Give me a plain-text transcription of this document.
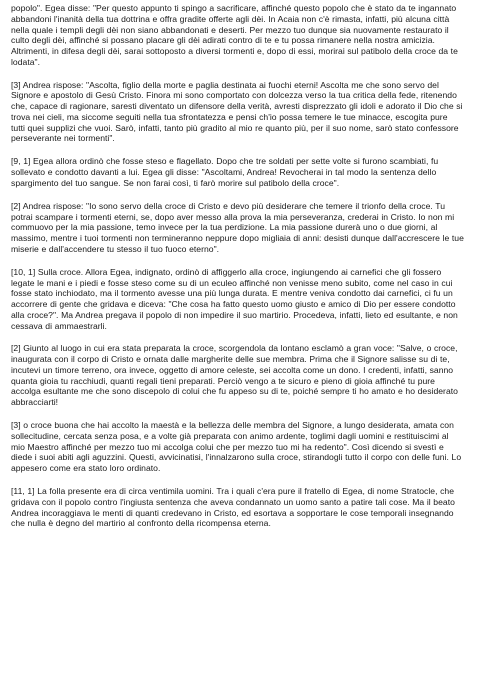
popolo". Egea disse: "Per questo appunto ti spingo a sacrificare, affinché questo popolo che è stato da te ingannato abbandoni l'inanità della tua dottrina e offra gradite offerte agli dèi. In Acaia non c'è rimasta, infatti, più alcuna città nella quale i templi degli dèi non siano abbandonati e deserti. Per mezzo tuo dunque sia nuovamente restaurato il culto degli dèi, affinché si possano placare gli dèi adirati contro di te e tu possa rimanere nella nostra amicizia. Altrimenti, in difesa degli dèi, sarai sottoposto a diversi tormenti e, dopo di essi, morirai sul patibolo della croce da te lodata".

[3] Andrea rispose: "Ascolta, figlio della morte e paglia destinata ai fuochi eterni! Ascolta me che sono servo del Signore e apostolo di Gesù Cristo. Finora mi sono comportato con dolcezza verso la tua critica della fede, ritenendo che, capace di ragionare, saresti diventato un difensore della verità, avresti disprezzato gli idoli e adorato il Dio che si trova nei cieli, ma siccome seguiti nella tua sfrontatezza e pensi ch'io possa temere le tue minacce, escogita pure tutti quei supplizi che vuoi. Sarò, infatti, tanto più gradito al mio re quanto più, per il suo nome, sarò stato confessore perseverante nei tormenti".

[9, 1] Egea allora ordinò che fosse steso e flagellato. Dopo che tre soldati per sette volte si furono scambiati, fu sollevato e condotto davanti a lui. Egea gli disse: "Ascoltami, Andrea! Revocherai in tal modo la sentenza dello spargimento del tuo sangue. Se non farai così, ti farò morire sul patibolo della croce".

[2] Andrea rispose: "Io sono servo della croce di Cristo e devo più desiderare che temere il trionfo della croce. Tu potrai scampare i tormenti eterni, se, dopo aver messo alla prova la mia perseveranza, crederai in Cristo. Io non mi commuovo per la mia passione, temo invece per la tua perdizione. La mia passione durerà uno o due giorni, al massimo, mentre i tuoi tormenti non termineranno neppure dopo migliaia di anni: desisti dunque dall'accrescere le tue miserie e dall'accendere tu stesso il tuo fuoco eterno".

[10, 1] Sulla croce. Allora Egea, indignato, ordinò di affiggerlo alla croce, ingiungendo ai carnefici che gli fossero legate le mani e i piedi e fosse steso come su di un eculeo affinché non venisse meno subito, come nel caso in cui fosse stato inchiodato, ma il tormento avesse una più lunga durata. E mentre veniva condotto dai carnefici, ci fu un accorrere di gente che gridava e diceva: "Che cosa ha fatto questo uomo giusto e amico di Dio per essere condotto alla croce?". Ma Andrea pregava il popolo di non impedire il suo martirio. Procedeva, infatti, lieto ed esultante, e non cessava di ammaestrarli.

[2] Giunto al luogo in cui era stata preparata la croce, scorgendola da lontano esclamò a gran voce: "Salve, o croce, inaugurata con il corpo di Cristo e ornata dalle margherite delle sue membra. Prima che il Signore salisse su di te, incutevi un timore terreno, ora invece, oggetto di amore celeste, sei accolta come un dono. I credenti, infatti, sanno quanta gioia tu racchiudi, quanti regali tieni preparati. Perciò vengo a te sicuro e pieno di gioia affinché tu pure accolga esultante me che sono discepolo di colui che fu appeso su di te, poiché sempre ti ho amato e ho desiderato abbracciarti!

[3] o croce buona che hai accolto la maestà e la bellezza delle membra del Signore, a lungo desiderata, amata con sollecitudine, cercata senza posa, e a volte già preparata con animo ardente, toglimi dagli uomini e restituiscimi al mio Maestro affinché per mezzo tuo mi accolga colui che per mezzo tuo mi ha redento". Così dicendo si svestì e diede i suoi abiti agli aguzzini. Questi, avvicinatisi, l'innalzarono sulla croce, stirandogli tutto il corpo con delle funi. Lo appesero come era stato loro ordinato.

[11, 1] La folla presente era di circa ventimila uomini. Tra i quali c'era pure il fratello di Egea, di nome Stratocle, che gridava con il popolo contro l'ingiusta sentenza che aveva condannato un uomo santo a patire tali cose. Ma il beato Andrea incoraggiava le menti di quanti credevano in Cristo, ed esortava a sopportare le cose temporali insegnando che nulla è degno del martirio al confronto della ricompensa eterna.
